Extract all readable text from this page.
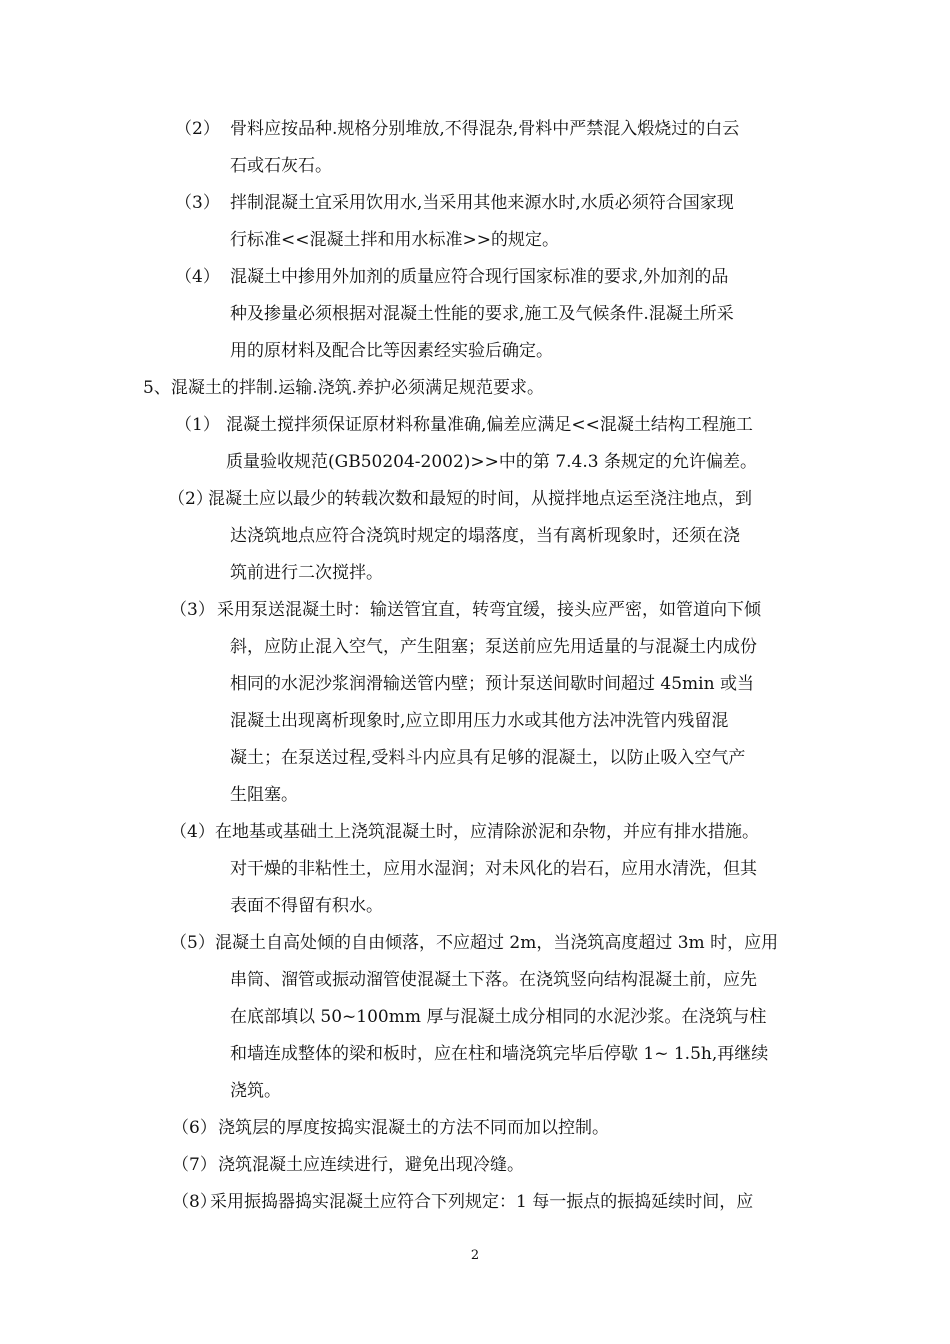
（2） 骨料应按品种.规格分别堆放,不得混杂,骨料中严禁混入煅烧过的白云
石或石灰石。
（3） 拌制混凝土宜采用饮用水,当采用其他来源水时,水质必须符合国家现
行标准<<混凝土拌和用水标准>>的规定。
（4） 混凝土中掺用外加剂的质量应符合现行国家标准的要求,外加剂的品
种及掺量必须根据对混凝土性能的要求,施工及气候条件.混凝土所采
用的原材料及配合比等因素经实验后确定。
5、混凝土的拌制.运输.浇筑.养护必须满足规范要求。
（1） 混凝土搅拌须保证原材料称量准确,偏差应满足<<混凝土结构工程施工
质量验收规范(GB50204-2002)>>中的第 7.4.3 条规定的允许偏差。
（2）
混凝土应以最少的转载次数和最短的时间，从搅拌地点运至浇注地点，到
达浇筑地点应符合浇筑时规定的塌落度，当有离析现象时，还须在浇
筑前进行二次搅拌。
（3） 采用泵送混凝土时：输送管宜直，转弯宜缓，接头应严密，如管道向下倾
斜，应防止混入空气，产生阻塞；泵送前应先用适量的与混凝土内成份
相同的水泥沙浆润滑输送管内壁；预计泵送间歇时间超过 45min 或当
混凝土出现离析现象时,应立即用压力水或其他方法冲洗管内残留混
凝土；在泵送过程,受料斗内应具有足够的混凝土，以防止吸入空气产
生阻塞。
（4） 在地基或基础土上浇筑混凝土时，应清除淤泥和杂物，并应有排水措施。
对干燥的非粘性土，应用水湿润；对未风化的岩石，应用水清洗，但其
表面不得留有积水。
（5） 混凝土自高处倾的自由倾落，不应超过 2m，当浇筑高度超过 3m 时，应用
串筒、溜管或振动溜管使混凝土下落。在浇筑竖向结构混凝土前，应先
在底部填以 50~100mm 厚与混凝土成分相同的水泥沙浆。在浇筑与柱
和墙连成整体的梁和板时，应在柱和墙浇筑完毕后停歇 1~ 1.5h,再继续
浇筑。
（6） 浇筑层的厚度按捣实混凝土的方法不同而加以控制。
（7） 浇筑混凝土应连续进行，避免出现冷缝。
（8）
采用振捣器捣实混凝土应符合下列规定：1 每一振点的振捣延续时间，应
2
